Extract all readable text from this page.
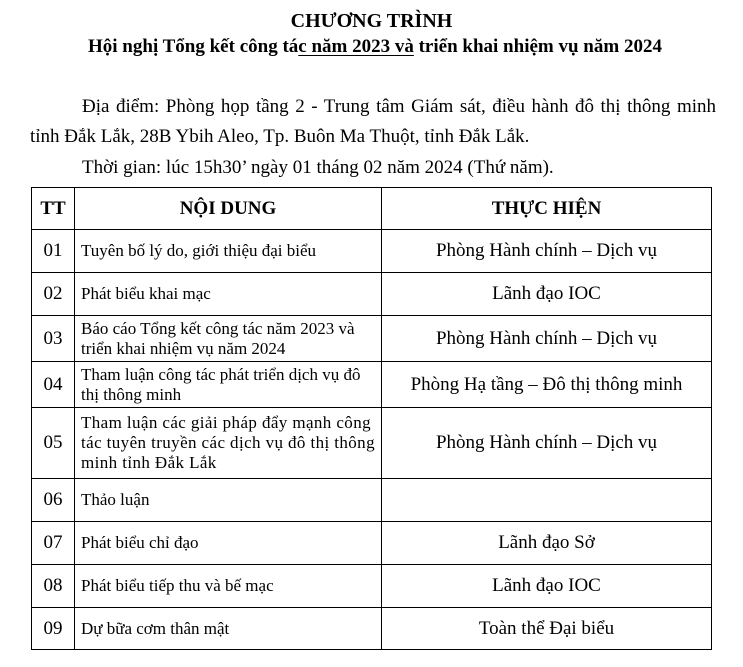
CHƯƠNG TRÌNH
Hội nghị Tổng kết công tác năm 2023 và triển khai nhiệm vụ năm 2024
Địa điểm: Phòng họp tầng 2 - Trung tâm Giám sát, điều hành đô thị thông minh tỉnh Đắk Lắk, 28B Ybih Aleo, Tp. Buôn Ma Thuột, tỉnh Đắk Lắk.
Thời gian: lúc 15h30’ ngày 01 tháng 02 năm 2024 (Thứ năm).
TT	NỘI DUNG	THỰC HIỆN
01	Tuyên bố lý do, giới thiệu đại biểu	Phòng Hành chính – Dịch vụ
02	Phát biểu khai mạc	Lãnh đạo IOC
03	Báo cáo Tổng kết công tác năm 2023 và triển khai nhiệm vụ năm 2024	Phòng Hành chính – Dịch vụ
04	Tham luận công tác phát triển dịch vụ đô thị thông minh	Phòng Hạ tầng – Đô thị thông minh
05	Tham luận các giải pháp đẩy mạnh công tác tuyên truyền các dịch vụ đô thị thông minh tỉnh Đắk Lắk	Phòng Hành chính – Dịch vụ
06	Thảo luận	
07	Phát biểu chỉ đạo	Lãnh đạo Sở
08	Phát biểu tiếp thu và bế mạc	Lãnh đạo IOC
09	Dự bữa cơm thân mật	Toàn thể Đại biểu
